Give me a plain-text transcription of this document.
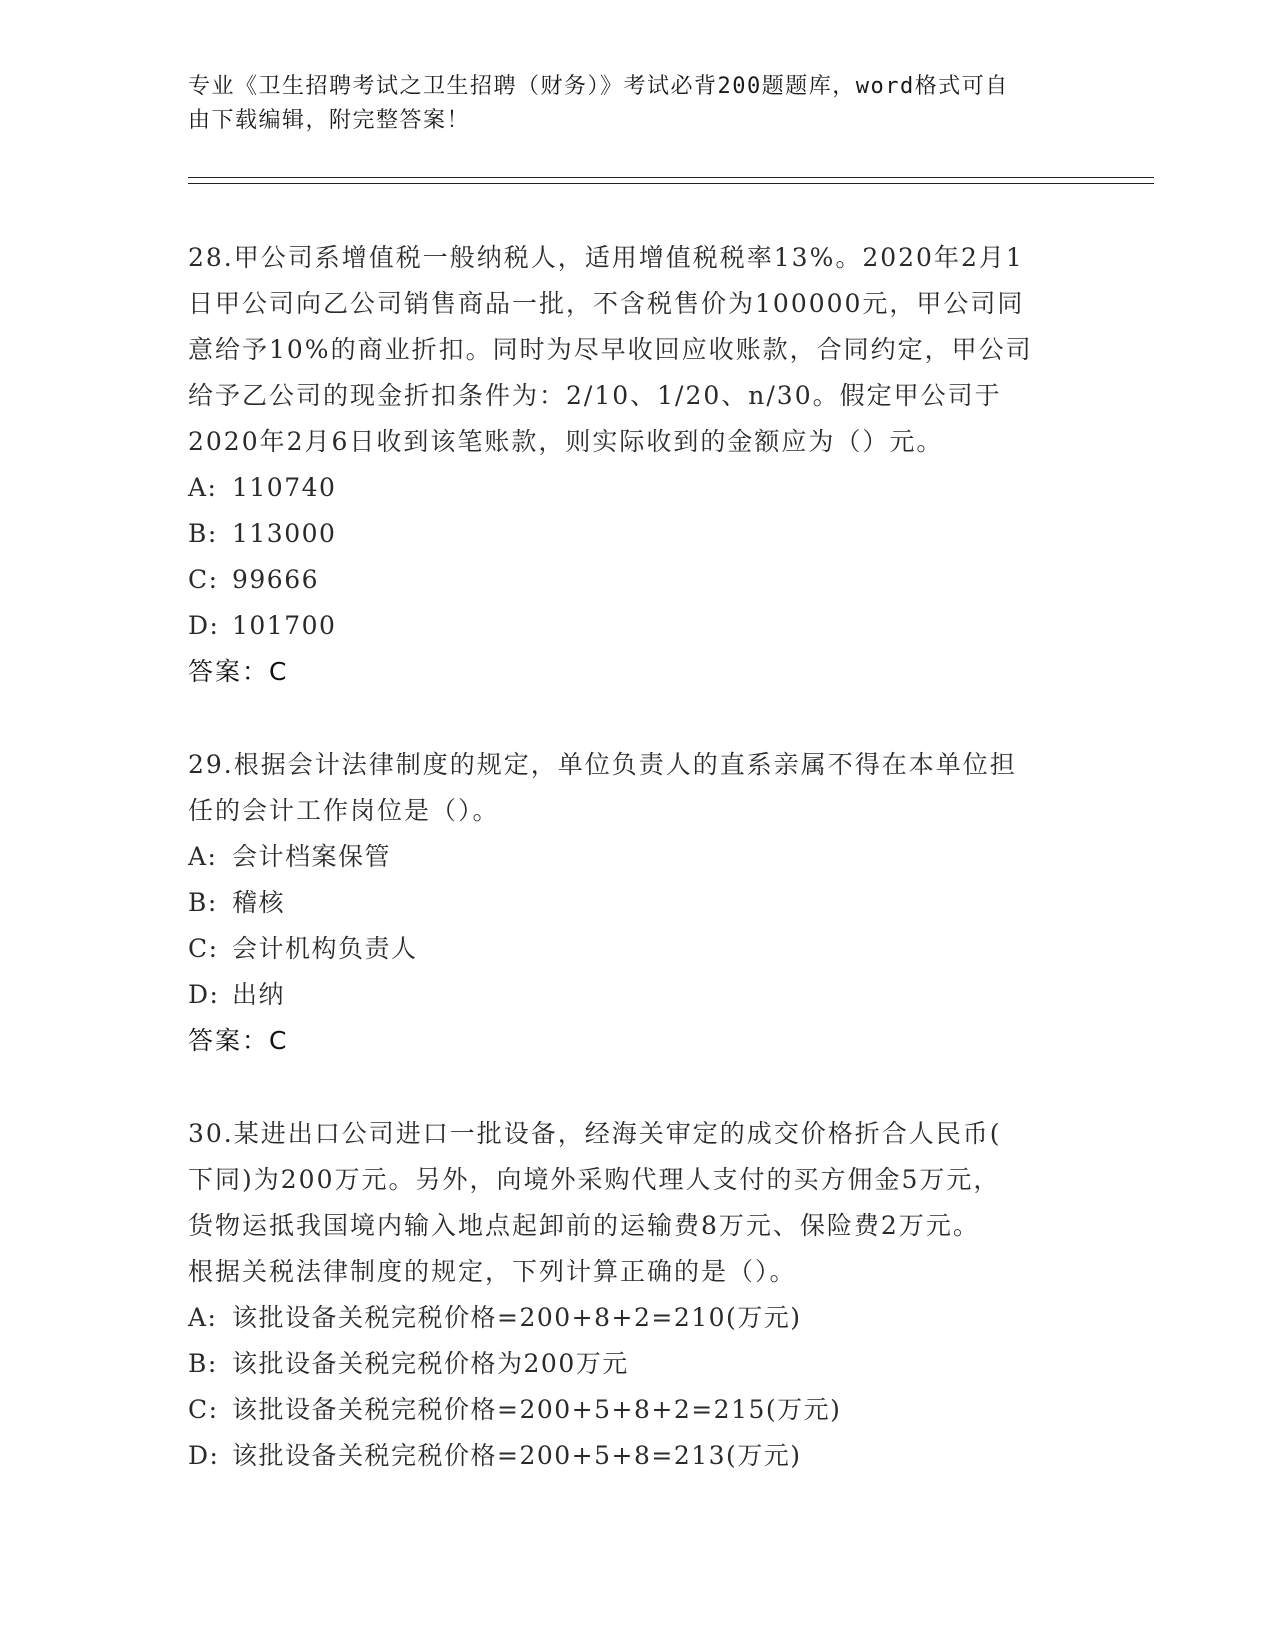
专业《卫生招聘考试之卫生招聘（财务）》考试必背200题题库，word格式可自
由下载编辑，附完整答案！

28.甲公司系增值税一般纳税人，适用增值税税率13%。2020年2月1

日甲公司向乙公司销售商品一批，不含税售价为100000元，甲公司同

意给予10%的商业折扣。同时为尽早收回应收账款，合同约定，甲公司

给予乙公司的现金折扣条件为：2/10、1/20、n/30。假定甲公司于

2020年2月6日收到该笔账款，则实际收到的金额应为（）元。

A: 110740

B: 113000

C: 99666

D: 101700

答案：C

29.根据会计法律制度的规定，单位负责人的直系亲属不得在本单位担

任的会计工作岗位是（）。

A: 会计档案保管

B: 稽核

C: 会计机构负责人

D: 出纳

答案：C

30.某进出口公司进口一批设备，经海关审定的成交价格折合人民币(

下同)为200万元。另外，向境外采购代理人支付的买方佣金5万元，

货物运抵我国境内输入地点起卸前的运输费8万元、保险费2万元。

根据关税法律制度的规定，下列计算正确的是（）。

A: 该批设备关税完税价格=200+8+2=210(万元)

B: 该批设备关税完税价格为200万元

C: 该批设备关税完税价格=200+5+8+2=215(万元)

D: 该批设备关税完税价格=200+5+8=213(万元)
